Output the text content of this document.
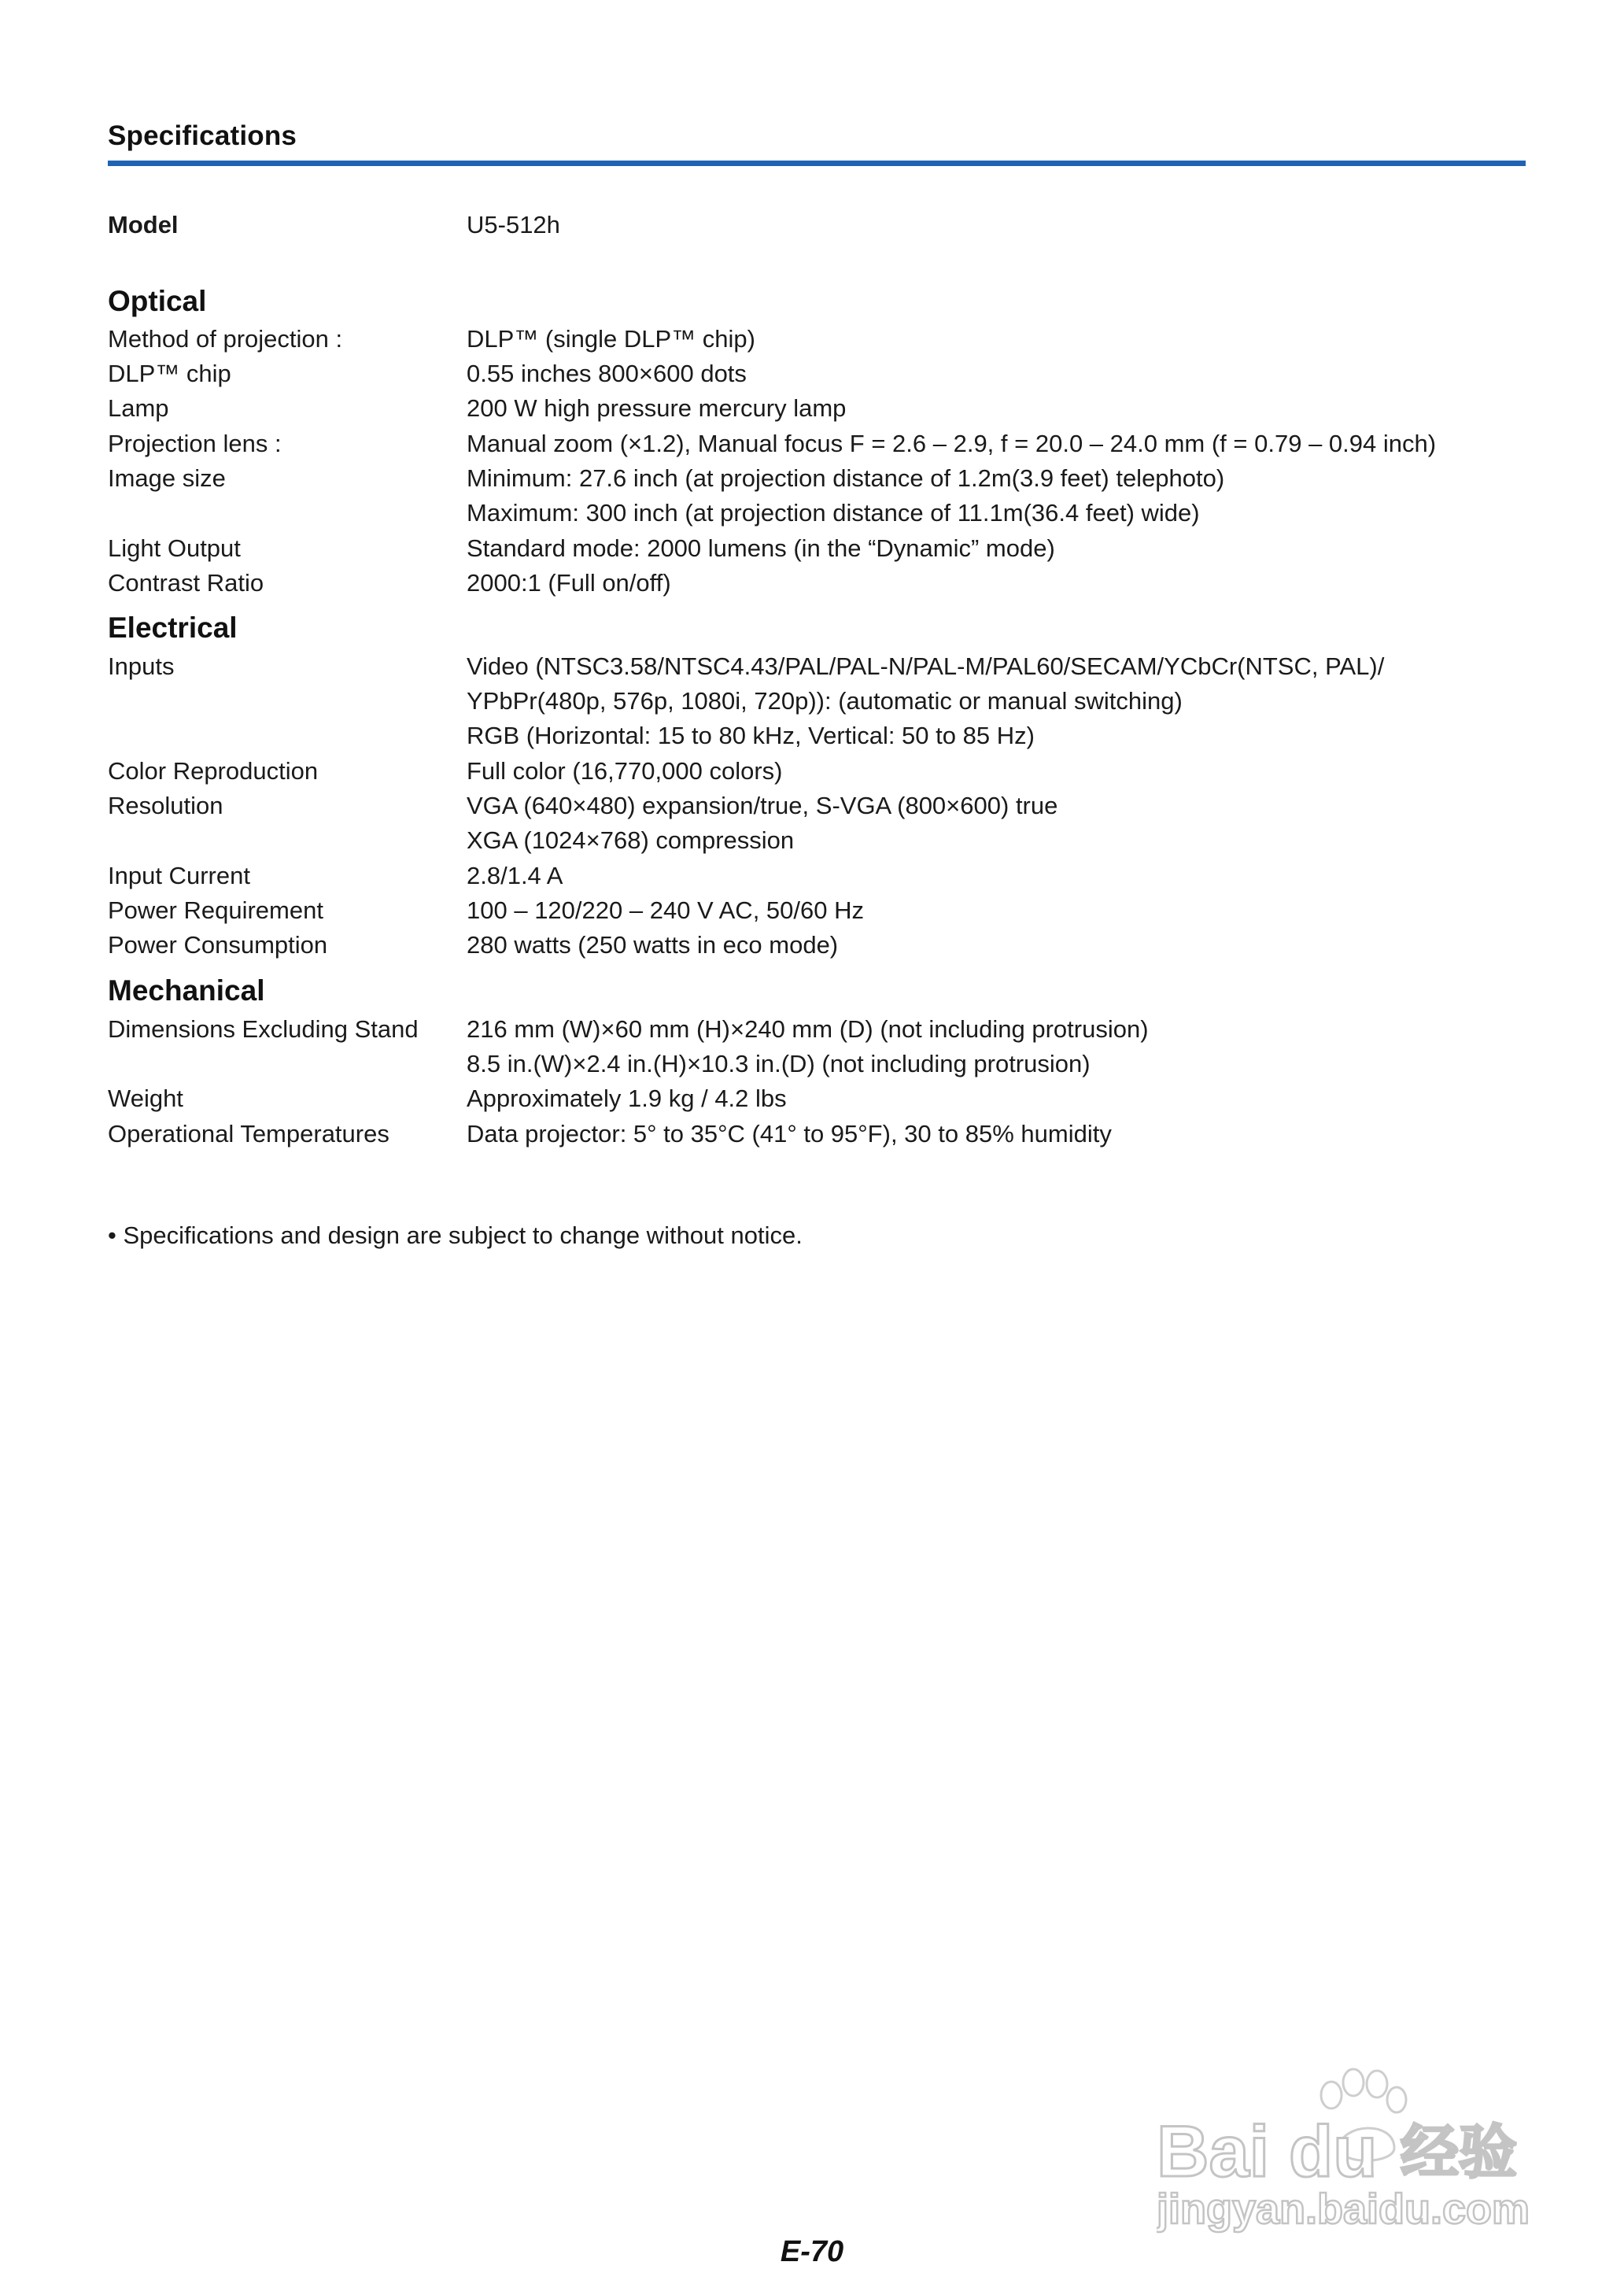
Specifications
Model	U5-512h
Optical
Method of projection :	DLP™ (single DLP™ chip)
DLP™ chip	0.55 inches 800×600 dots
Lamp	200 W high pressure mercury lamp
Projection lens :	Manual zoom (×1.2), Manual focus F = 2.6 – 2.9, f = 20.0 – 24.0 mm (f = 0.79 – 0.94 inch)
Image size	Minimum: 27.6 inch (at projection distance of 1.2m(3.9 feet) telephoto)
Maximum: 300 inch (at projection distance of 11.1m(36.4 feet) wide)
Light Output	Standard mode: 2000 lumens (in the “Dynamic” mode)
Contrast Ratio	2000:1 (Full on/off)
Electrical
Inputs	Video (NTSC3.58/NTSC4.43/PAL/PAL-N/PAL-M/PAL60/SECAM/YCbCr(NTSC, PAL)/
YPbPr(480p, 576p, 1080i, 720p)): (automatic or manual switching)
RGB (Horizontal: 15 to 80 kHz, Vertical: 50 to 85 Hz)
Color Reproduction	Full color (16,770,000 colors)
Resolution	VGA (640×480) expansion/true, S-VGA (800×600) true
XGA (1024×768) compression
Input Current	2.8/1.4 A
Power Requirement	100 – 120/220 – 240 V AC, 50/60 Hz
Power Consumption	280 watts (250 watts in eco mode)
Mechanical
Dimensions Excluding Stand 216 mm (W)×60 mm (H)×240 mm (D) (not including protrusion)
8.5 in.(W)×2.4 in.(H)×10.3 in.(D) (not including protrusion)
Weight	Approximately 1.9 kg / 4.2 lbs
Operational Temperatures	Data projector: 5° to 35°C (41° to 95°F), 30 to 85% humidity
• Specifications and design are subject to change without notice.
Bai du 经验
jingyan.baidu.com
E-70
